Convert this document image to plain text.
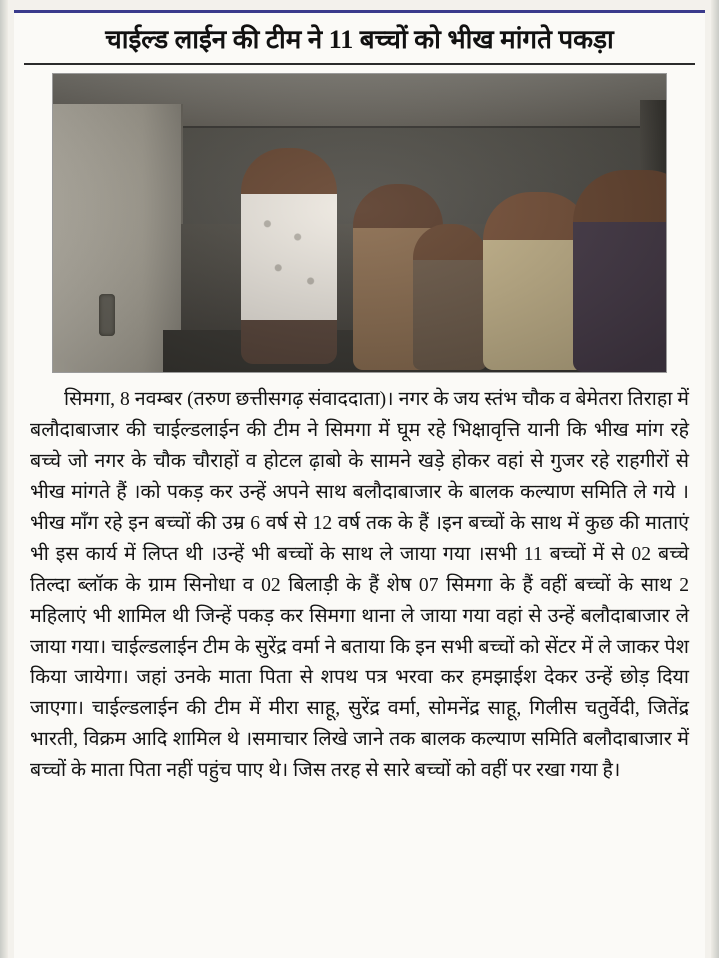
चाईल्ड लाईन की टीम ने 11 बच्चों को भीख मांगते पकड़ा

सिमगा, 8 नवम्बर (तरुण छत्तीसगढ़ संवाददाता)। नगर के जय स्तंभ चौक व बेमेतरा तिराहा में बलौदाबाजार की चाईल्डलाईन की टीम ने सिमगा में घूम रहे भिक्षावृत्ति यानी कि भीख मांग रहे बच्चे जो नगर के चौक चौराहों व होटल ढ़ाबो के सामने खड़े होकर वहां से गुजर रहे राहगीरों से भीख मांगते हैं ।को पकड़ कर उन्हें अपने साथ बलौदाबाजार के बालक कल्याण समिति ले गये ।भीख माँग रहे इन बच्चों की उम्र 6 वर्ष से 12 वर्ष तक के हैं ।इन बच्चों के साथ में कुछ की माताएं भी इस कार्य में लिप्त थी ।उन्हें भी बच्चों के साथ ले जाया गया ।सभी 11 बच्चों में से 02 बच्चे तिल्दा ब्लॉक के ग्राम सिनोधा व 02 बिलाड़ी के हैं शेष 07 सिमगा के हैं वहीं बच्चों के साथ 2 महिलाएं भी शामिल थी जिन्हें पकड़ कर सिमगा थाना ले जाया गया वहां से उन्हें बलौदाबाजार ले जाया गया। चाईल्डलाईन टीम के सुरेंद्र वर्मा ने बताया कि इन सभी बच्चों को सेंटर में ले जाकर पेश किया जायेगा। जहां उनके माता पिता से शपथ पत्र भरवा कर हमझाईश देकर उन्हें छोड़ दिया जाएगा। चाईल्डलाईन की टीम में मीरा साहू, सुरेंद्र वर्मा, सोमनेंद्र साहू, गिलीस चतुर्वेदी, जितेंद्र भारती, विक्रम आदि शामिल थे ।समाचार लिखे जाने तक बालक कल्याण समिति बलौदाबाजार में बच्चों के माता पिता नहीं पहुंच पाए थे। जिस तरह से सारे बच्चों को वहीं पर रखा गया है।
